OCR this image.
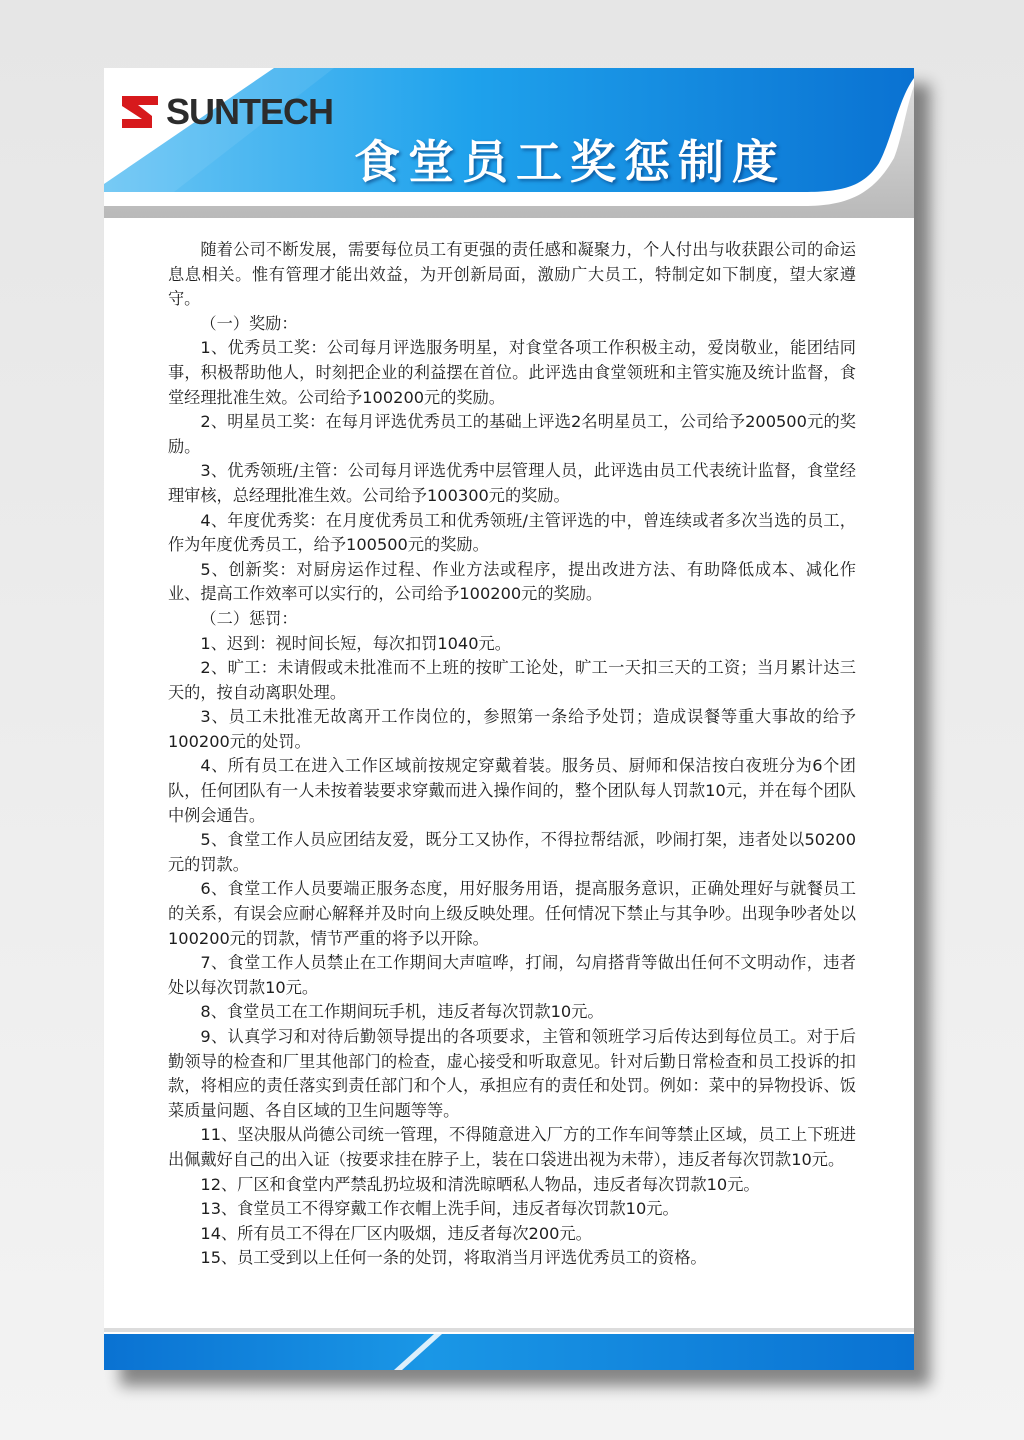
SUNTECH
食堂员工奖惩制度

随着公司不断发展，需要每位员工有更强的责任感和凝聚力，个人付出与收获跟公司的命运息息相关。惟有管理才能出效益，为开创新局面，激励广大员工，特制定如下制度，望大家遵守。

（一）奖励：

1、优秀员工奖：公司每月评选服务明星，对食堂各项工作积极主动，爱岗敬业，能团结同事，积极帮助他人，时刻把企业的利益摆在首位。此评选由食堂领班和主管实施及统计监督，食堂经理批准生效。公司给予100200元的奖励。

2、明星员工奖：在每月评选优秀员工的基础上评选2名明星员工，公司给予200500元的奖励。

3、优秀领班/主管：公司每月评选优秀中层管理人员，此评选由员工代表统计监督，食堂经理审核，总经理批准生效。公司给予100300元的奖励。

4、年度优秀奖：在月度优秀员工和优秀领班/主管评选的中，曾连续或者多次当选的员工，作为年度优秀员工，给予100500元的奖励。

5、创新奖：对厨房运作过程、作业方法或程序，提出改进方法、有助降低成本、减化作业、提高工作效率可以实行的，公司给予100200元的奖励。

（二）惩罚：

1、迟到：视时间长短，每次扣罚1040元。

2、旷工：未请假或未批准而不上班的按旷工论处，旷工一天扣三天的工资；当月累计达三天的，按自动离职处理。

3、员工未批准无故离开工作岗位的，参照第一条给予处罚；造成误餐等重大事故的给予100200元的处罚。

4、所有员工在进入工作区域前按规定穿戴着装。服务员、厨师和保洁按白夜班分为6个团队，任何团队有一人未按着装要求穿戴而进入操作间的，整个团队每人罚款10元，并在每个团队中例会通告。

5、食堂工作人员应团结友爱，既分工又协作，不得拉帮结派，吵闹打架，违者处以50200元的罚款。

6、食堂工作人员要端正服务态度，用好服务用语，提高服务意识，正确处理好与就餐员工的关系，有误会应耐心解释并及时向上级反映处理。任何情况下禁止与其争吵。出现争吵者处以100200元的罚款，情节严重的将予以开除。

7、食堂工作人员禁止在工作期间大声喧哗，打闹，勾肩搭背等做出任何不文明动作，违者处以每次罚款10元。

8、食堂员工在工作期间玩手机，违反者每次罚款10元。

9、认真学习和对待后勤领导提出的各项要求，主管和领班学习后传达到每位员工。对于后勤领导的检查和厂里其他部门的检查，虚心接受和听取意见。针对后勤日常检查和员工投诉的扣款，将相应的责任落实到责任部门和个人，承担应有的责任和处罚。例如：菜中的异物投诉、饭菜质量问题、各自区域的卫生问题等等。

11、坚决服从尚德公司统一管理，不得随意进入厂方的工作车间等禁止区域，员工上下班进出佩戴好自己的出入证（按要求挂在脖子上，装在口袋进出视为未带），违反者每次罚款10元。

12、厂区和食堂内严禁乱扔垃圾和清洗晾晒私人物品，违反者每次罚款10元。

13、食堂员工不得穿戴工作衣帽上洗手间，违反者每次罚款10元。

14、所有员工不得在厂区内吸烟，违反者每次200元。

15、员工受到以上任何一条的处罚，将取消当月评选优秀员工的资格。
